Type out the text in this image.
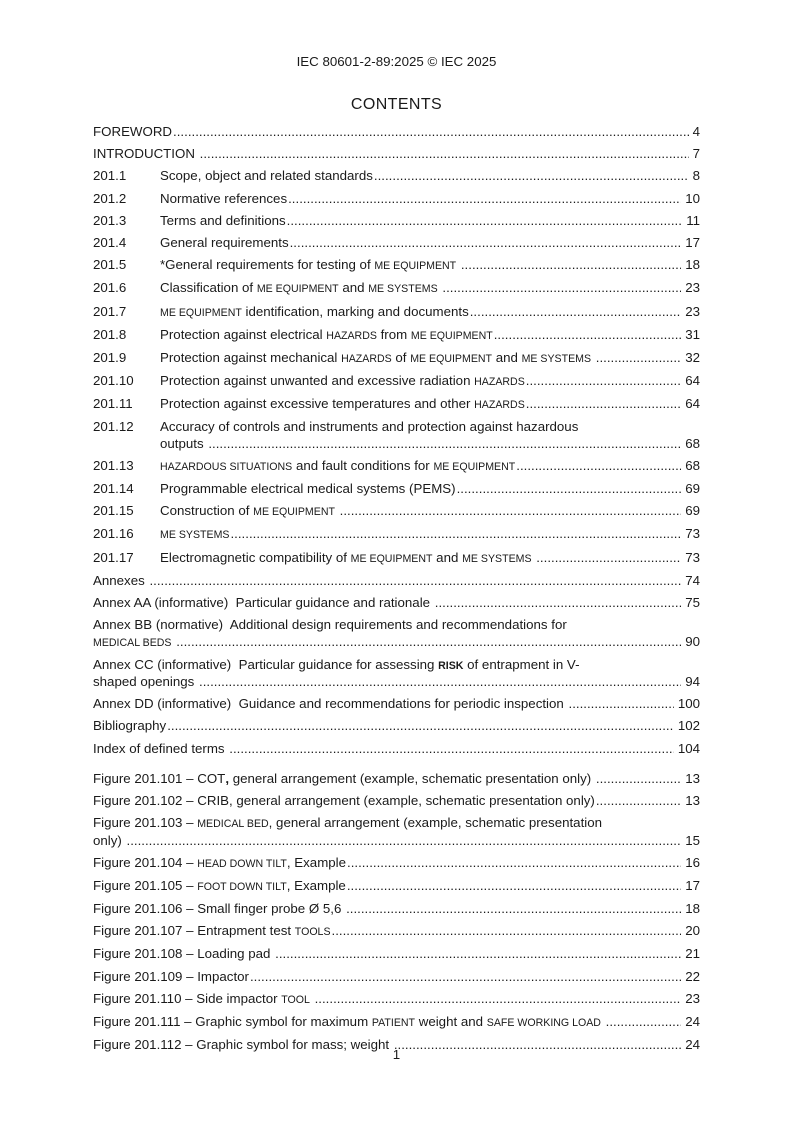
IEC 80601-2-89:2025 © IEC 2025
CONTENTS
FOREWORD .....	4
INTRODUCTION .....	7
201.1	Scope, object and related standards .....	8
201.2	Normative references .....	10
201.3	Terms and definitions .....	11
201.4	General requirements .....	17
201.5	*General requirements for testing of ME EQUIPMENT .....	18
201.6	Classification of ME EQUIPMENT and ME SYSTEMS .....	23
201.7	ME EQUIPMENT identification, marking and documents .....	23
201.8	Protection against electrical HAZARDS from ME EQUIPMENT .....	31
201.9	Protection against mechanical HAZARDS of ME EQUIPMENT and ME SYSTEMS .....	32
201.10	Protection against unwanted and excessive radiation HAZARDS .....	64
201.11	Protection against excessive temperatures and other HAZARDS .....	64
201.12	Accuracy of controls and instruments and protection against hazardous
outputs .....	68
201.13	HAZARDOUS SITUATIONS and fault conditions for ME EQUIPMENT .....	68
201.14	Programmable electrical medical systems (PEMS) .....	69
201.15	Construction of ME EQUIPMENT .....	69
201.16	ME SYSTEMS .....	73
201.17	Electromagnetic compatibility of ME EQUIPMENT and ME SYSTEMS .....	73
Annexes .....	74
Annex AA (informative)  Particular guidance and rationale .....	75
Annex BB (normative)  Additional design requirements and recommendations for
MEDICAL BEDS .....	90
Annex CC (informative)  Particular guidance for assessing RISK of entrapment in V-
shaped openings .....	94
Annex DD (informative)  Guidance and recommendations for periodic inspection .....	100
Bibliography .....	102
Index of defined terms .....	104
Figure 201.101 – COT, general arrangement (example, schematic presentation only) .....	13
Figure 201.102 – CRIB, general arrangement (example, schematic presentation only) .....	13
Figure 201.103 – MEDICAL BED, general arrangement (example, schematic presentation
only) .....	15
Figure 201.104 – HEAD DOWN TILT, Example .....	16
Figure 201.105 – FOOT DOWN TILT, Example .....	17
Figure 201.106 – Small finger probe Ø 5,6 .....	18
Figure 201.107 – Entrapment test TOOLS .....	20
Figure 201.108 – Loading pad .....	21
Figure 201.109 – Impactor .....	22
Figure 201.110 – Side impactor TOOL .....	23
Figure 201.111 – Graphic symbol for maximum PATIENT weight and SAFE WORKING LOAD .....	24
Figure 201.112 – Graphic symbol for mass; weight .....	24
1
